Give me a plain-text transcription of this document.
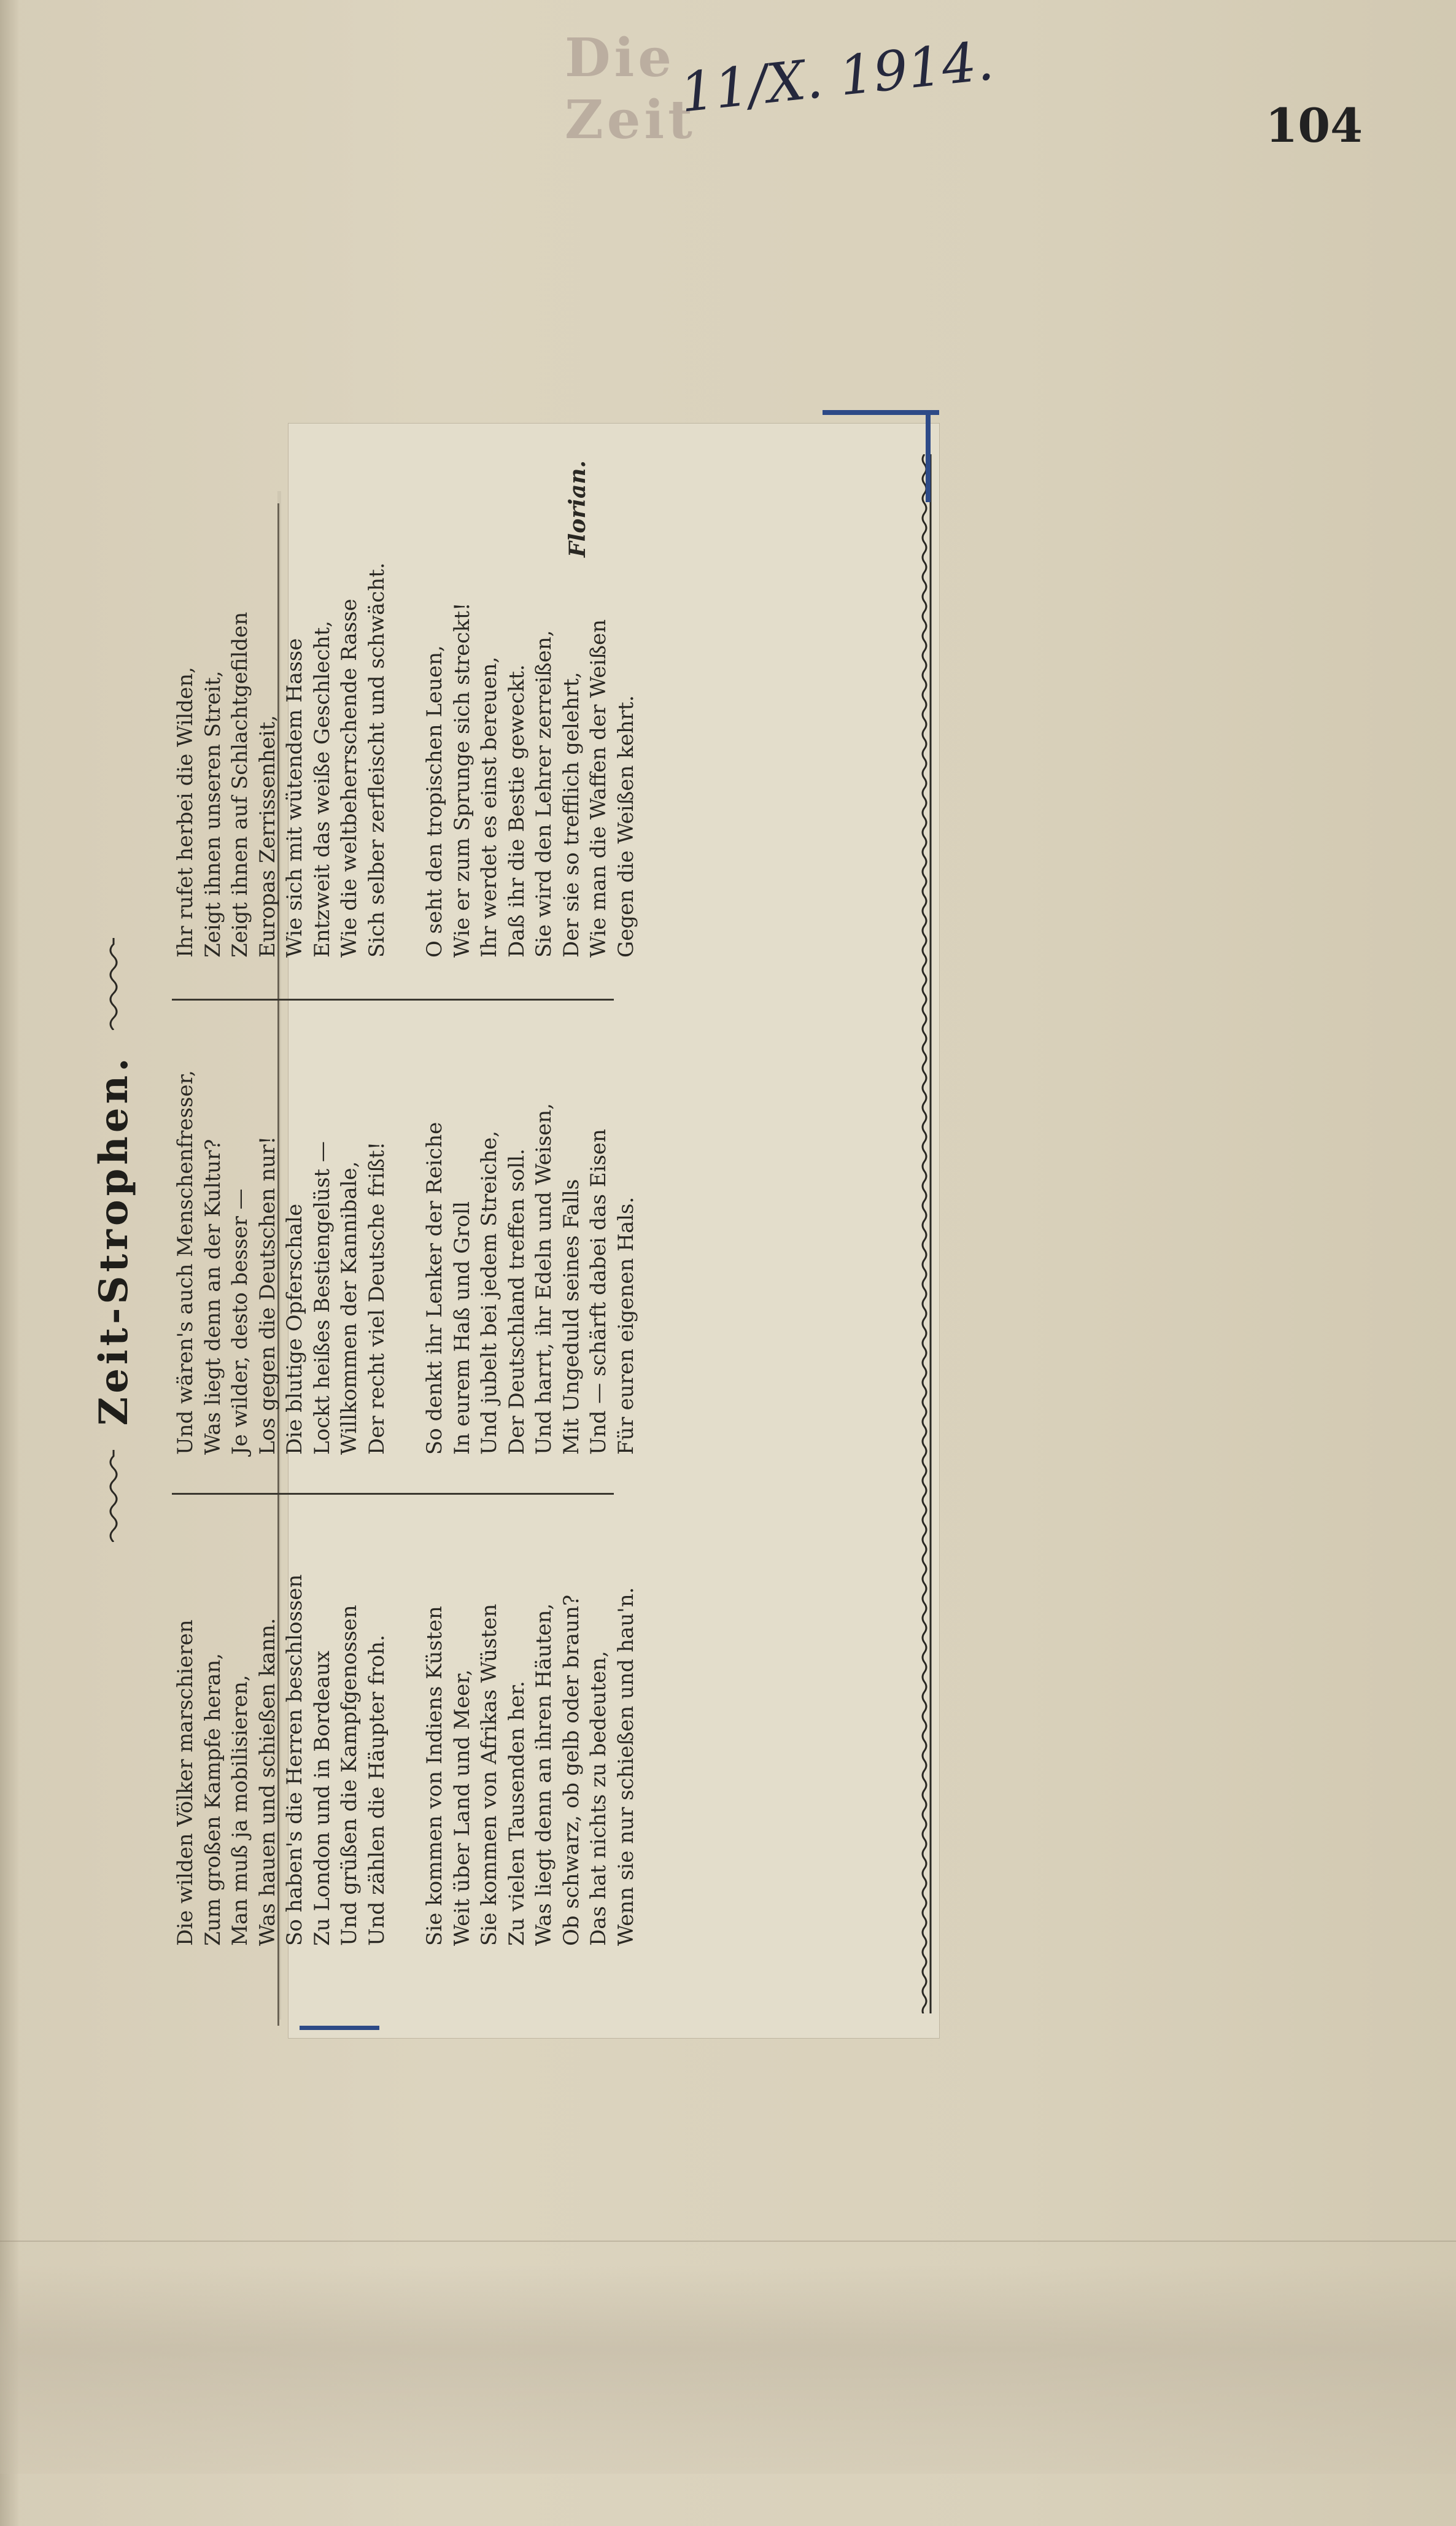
Die Zeit
11/X. 1914.
104
Zeit-Strophen.
Die wilden Völker marschieren Zum großen Kampfe heran, Man muß ja mobilisieren, Was hauen und schießen kann. So haben's die Herren beschlossen Zu London und in Bordeaux Und grüßen die Kampfgenossen Und zählen die Häupter froh. Sie kommen von Indiens Küsten Weit über Land und Meer, Sie kommen von Afrikas Wüsten Zu vielen Tausenden her. Was liegt denn an ihren Häuten, Ob schwarz, ob gelb oder braun? Das hat nichts zu bedeuten, Wenn sie nur schießen und hau'n.
Und wären's auch Menschenfresser, Was liegt denn an der Kultur? Je wilder, desto besser — Los gegen die Deutschen nur! Die blutige Opferschale Lockt heißes Bestiengelüst — Willkommen der Kannibale, Der recht viel Deutsche frißt! So denkt ihr Lenker der Reiche In eurem Haß und Groll Und jubelt bei jedem Streiche, Der Deutschland treffen soll. Und harrt, ihr Edeln und Weisen, Mit Ungeduld seines Falls Und — schärft dabei das Eisen Für euren eigenen Hals.
Ihr rufet herbei die Wilden, Zeigt ihnen unseren Streit, Zeigt ihnen auf Schlachtgefilden Europas Zerrissenheit, Wie sich mit wütendem Hasse Entzweit das weiße Geschlecht, Wie die weltbeherrschende Rasse Sich selber zerfleischt und schwächt. O seht den tropischen Leuen, Wie er zum Sprunge sich streckt! Ihr werdet es einst bereuen, Daß ihr die Bestie geweckt. Sie wird den Lehrer zerreißen, Der sie so trefflich gelehrt, Wie man die Waffen der Weißen Gegen die Weißen kehrt.
Florian.
